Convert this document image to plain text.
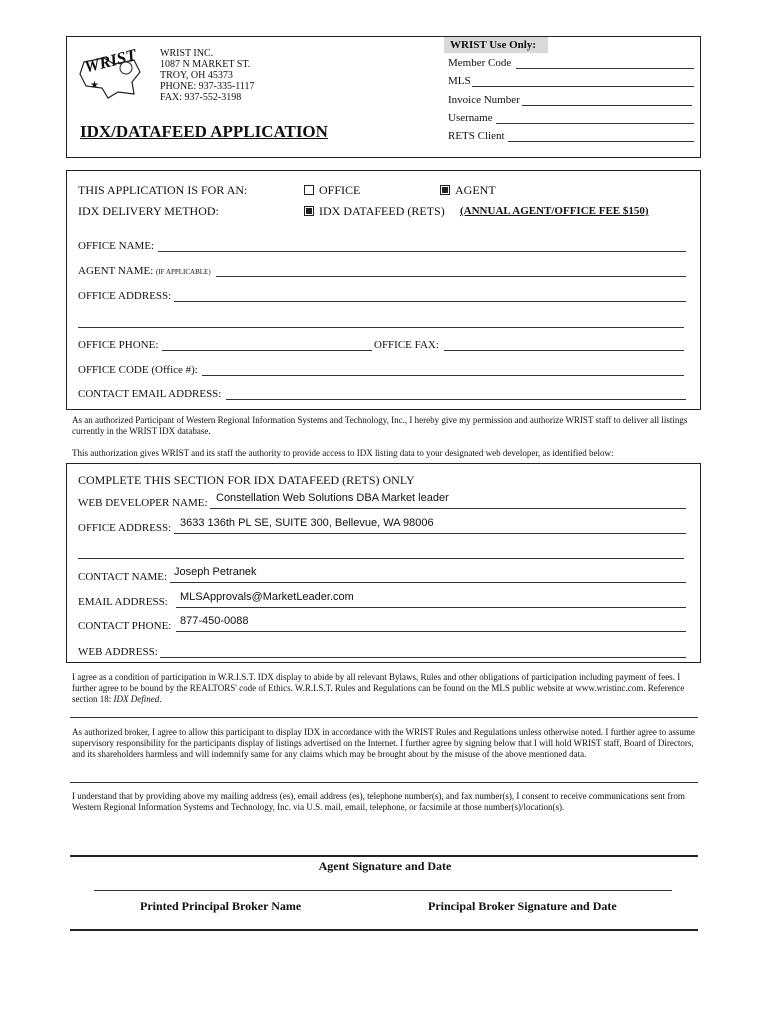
WRIST
★
WRIST INC.
1087 N MARKET ST.
TROY, OH 45373
PHONE: 937-335-1117
FAX: 937-552-3198
IDX/DATAFEED APPLICATION
WRIST Use Only:
Member Code
MLS
Invoice Number
Username
RETS Client
THIS APPLICATION IS FOR AN:	OFFICE	AGENT
IDX DELIVERY METHOD:	IDX DATAFEED (RETS) (ANNUAL AGENT/OFFICE FEE $150)
OFFICE NAME:
AGENT NAME: (IF APPLICABLE)
OFFICE ADDRESS:
OFFICE PHONE:	OFFICE FAX:
OFFICE CODE (Office #):
CONTACT EMAIL ADDRESS:
As an authorized Participant of Western Regional Information Systems and Technology, Inc., I hereby give my permission and authorize WRIST staff to deliver all listings currently in the WRIST IDX database.
This authorization gives WRIST and its staff the authority to provide access to IDX listing data to your designated web developer, as identified below:
COMPLETE THIS SECTION FOR IDX DATAFEED (RETS) ONLY
WEB DEVELOPER NAME: Constellation Web Solutions DBA Market leader
OFFICE ADDRESS: 3633 136th PL SE, SUITE 300, Bellevue, WA 98006
CONTACT NAME: Joseph Petranek
EMAIL ADDRESS: MLSApprovals@MarketLeader.com
CONTACT PHONE: 877-450-0088
WEB ADDRESS:
I agree as a condition of participation in W.R.I.S.T. IDX display to abide by all relevant Bylaws, Rules and other obligations of participation including payment of fees. I further agree to be bound by the REALTORS' code of Ethics. W.R.I.S.T. Rules and Regulations can be found on the MLS public website at www.wristinc.com. Reference section 18: IDX Defined.
As authorized broker, I agree to allow this participant to display IDX in accordance with the WRIST Rules and Regulations unless otherwise noted. I further agree to assume supervisory responsibility for the participants display of listings advertised on the Internet. I further agree by signing below that I will hold WRIST staff, Board of Directors, and its shareholders harmless and will indemnify same for any claims which may be brought about by the misuse of the above mentioned data.
I understand that by providing above my mailing address (es), email address (es), telephone number(s), and fax number(s), I consent to receive communications sent from Western Regional Information Systems and Technology, Inc. via U.S. mail, email, telephone, or facsimile at those number(s)/location(s).
Agent Signature and Date
Printed Principal Broker Name	Principal Broker Signature and Date
